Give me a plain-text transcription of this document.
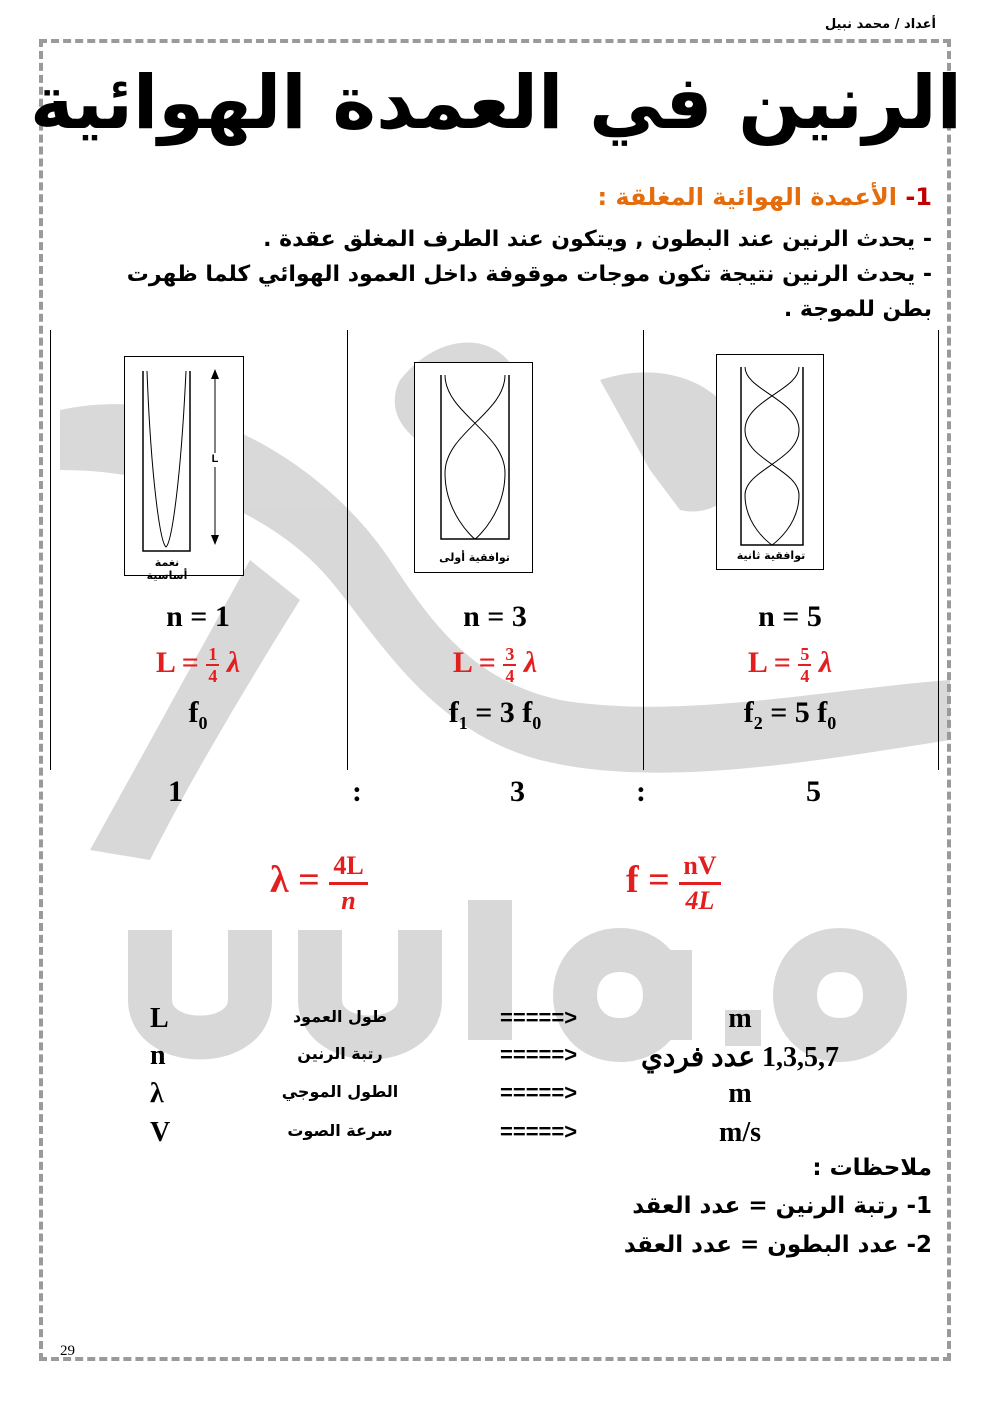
أعداد / محمد نبيل
الرنين في العمدة الهوائية
1- الأعمدة الهوائية المغلقة :
- يحدث الرنين عند البطون , ويتكون عند الطرف المغلق عقدة .
- يحدث الرنين نتيجة تكون موجات موقوفة داخل العمود الهوائي كلما ظهرت بطن للموجة .
L
نغمة أساسية
توافقية أولى	توافقية ثانية
n = 1
$L = \frac{1}{4}$ λ
$f_0$
n = 3
$L = \frac{3}{4}$ λ
$f_1 = 3$ $f_0$
n = 5
$L = \frac{5}{4}$ λ
$f_2 = 5$ $f_0$
1	:	3	:	5
$\lambda = \frac{4L}{n}$	$f = \frac{nV}{4L}$
L	طول العمود	=====>	m
n	رتبة الرنين	=====>	1,3,5,7 عدد فردي
λ	الطول الموجي	=====>	m
V	سرعة الصوت	=====>	m/s
ملاحظات :
1- رتبة الرنين = عدد العقد
2- عدد البطون = عدد العقد
29
